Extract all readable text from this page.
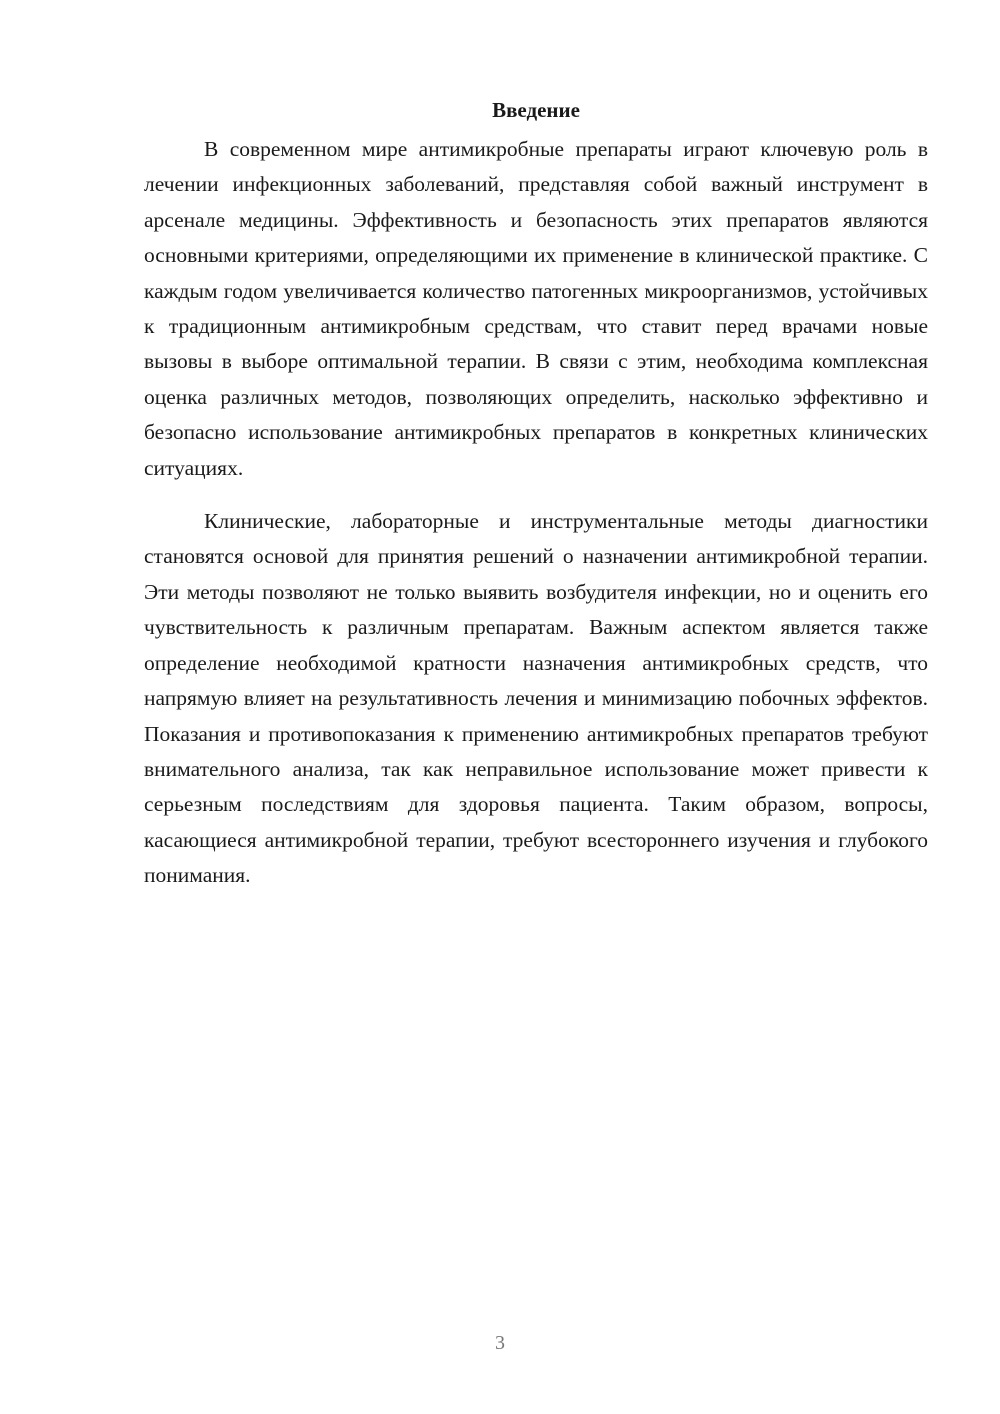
Введение

В современном мире антимикробные препараты играют ключевую роль в лечении инфекционных заболеваний, представляя собой важный инструмент в арсенале медицины. Эффективность и безопасность этих препаратов являются основными критериями, определяющими их применение в клинической практике. С каждым годом увеличивается количество патогенных микроорганизмов, устойчивых к традиционным антимикробным средствам, что ставит перед врачами новые вызовы в выборе оптимальной терапии. В связи с этим, необходима комплексная оценка различных методов, позволяющих определить, насколько эффективно и безопасно использование антимикробных препаратов в конкретных клинических ситуациях.

Клинические, лабораторные и инструментальные методы диагностики становятся основой для принятия решений о назначении антимикробной терапии. Эти методы позволяют не только выявить возбудителя инфекции, но и оценить его чувствительность к различным препаратам. Важным аспектом является также определение необходимой кратности назначения антимикробных средств, что напрямую влияет на результативность лечения и минимизацию побочных эффектов. Показания и противопоказания к применению антимикробных препаратов требуют внимательного анализа, так как неправильное использование может привести к серьезным последствиям для здоровья пациента. Таким образом, вопросы, касающиеся антимикробной терапии, требуют всестороннего изучения и глубокого понимания.

3
